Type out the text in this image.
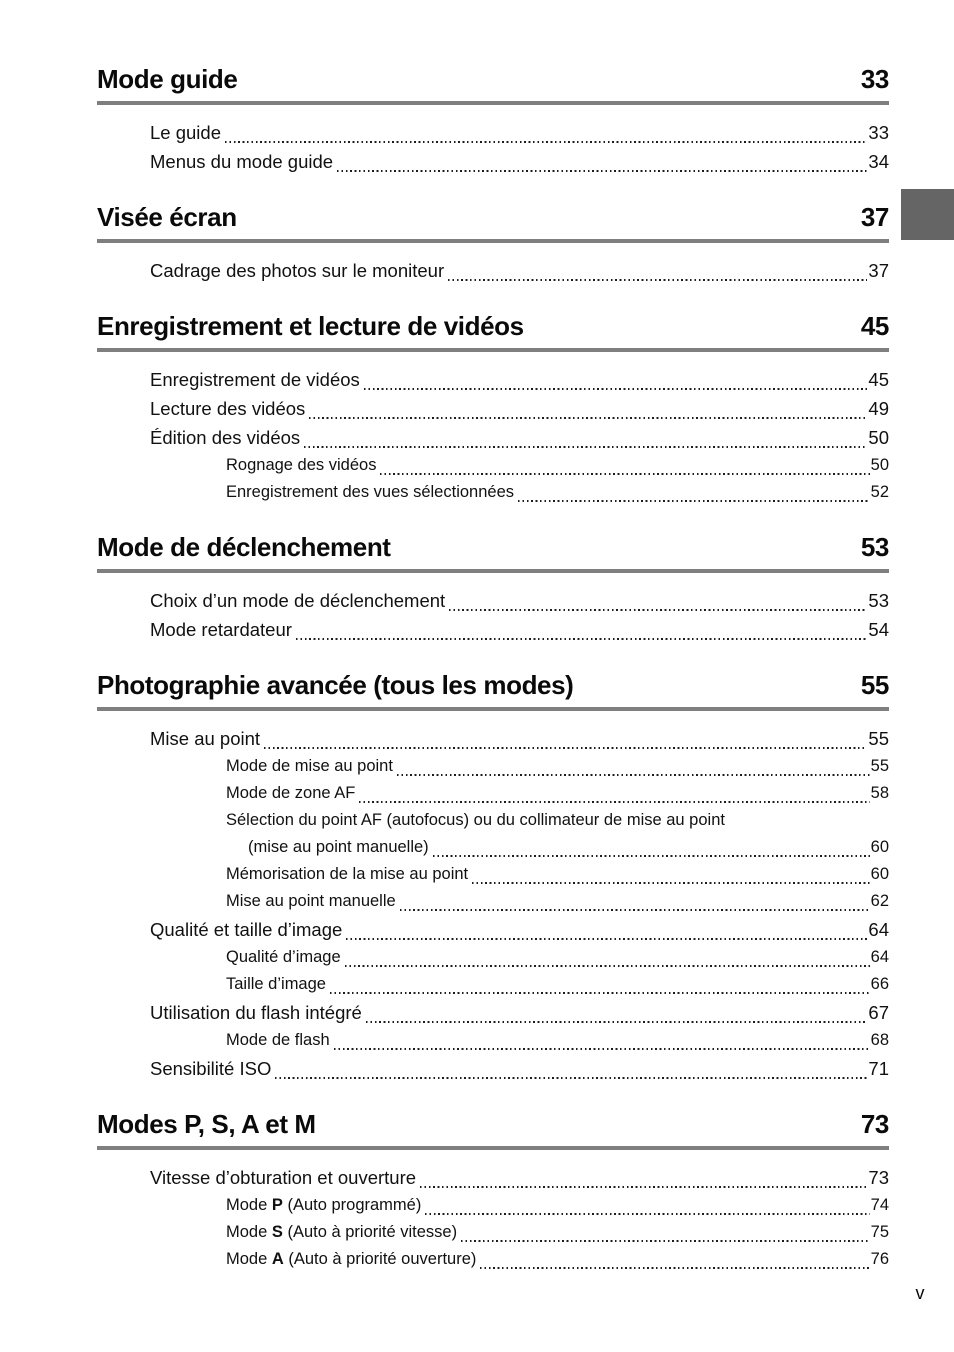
Mode guide	33
Le guide	33
Menus du mode guide	34
Visée écran	37
Cadrage des photos sur le moniteur	37
Enregistrement et lecture de vidéos	45
Enregistrement de vidéos	45
Lecture des vidéos	49
Édition des vidéos	50
Rognage des vidéos	50
Enregistrement des vues sélectionnées	52
Mode de déclenchement	53
Choix d’un mode de déclenchement	53
Mode retardateur	54
Photographie avancée (tous les modes)	55
Mise au point	55
Mode de mise au point	55
Mode de zone AF	58
Sélection du point AF (autofocus) ou du collimateur de mise au point
(mise au point manuelle)	60
Mémorisation de la mise au point	60
Mise au point manuelle	62
Qualité et taille d’image	64
Qualité d’image	64
Taille d’image	66
Utilisation du flash intégré	67
Mode de flash	68
Sensibilité ISO	71
Modes P, S, A et M	73
Vitesse d’obturation et ouverture	73
Mode P (Auto programmé)	74
Mode S (Auto à priorité vitesse)	75
Mode A (Auto à priorité ouverture)	76
v
